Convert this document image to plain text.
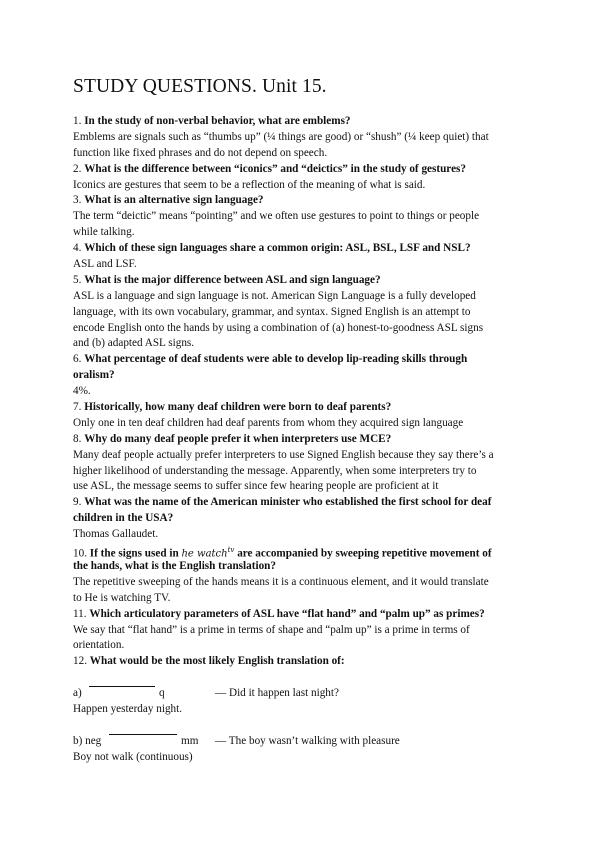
STUDY QUESTIONS. Unit 15.
1. In the study of non-verbal behavior, what are emblems?
Emblems are signals such as “thumbs up” (¼ things are good) or “shush” (¼ keep quiet) that
function like fixed phrases and do not depend on speech.
2. What is the difference between “iconics” and “deictics” in the study of gestures?
Iconics are gestures that seem to be a reflection of the meaning of what is said.
3. What is an alternative sign language?
The term “deictic” means “pointing” and we often use gestures to point to things or people
while talking.
4. Which of these sign languages share a common origin: ASL, BSL, LSF and NSL?
ASL and LSF.
5. What is the major difference between ASL and sign language?
ASL is a language and sign language is not. American Sign Language is a fully developed
language, with its own vocabulary, grammar, and syntax. Signed English is an attempt to
encode English onto the hands by using a combination of (a) honest-to-goodness ASL signs
and (b) adapted ASL signs.
6. What percentage of deaf students were able to develop lip-reading skills through
oralism?
4%.
7. Historically, how many deaf children were born to deaf parents?
Only one in ten deaf children had deaf parents from whom they acquired sign language
8. Why do many deaf people prefer it when interpreters use MCE?
Many deaf people actually prefer interpreters to use Signed English because they say there’s a
higher likelihood of understanding the message. Apparently, when some interpreters try to
use ASL, the message seems to suffer since few hearing people are proficient at it
9. What was the name of the American minister who established the first school for deaf
children in the USA?
Thomas Gallaudet.
10. If the signs used in he watch$^{tv}$ are accompanied by sweeping repetitive movement of
the hands, what is the English translation?
The repetitive sweeping of the hands means it is a continuous element, and it would translate
to He is watching TV.
11. Which articulatory parameters of ASL have “flat hand” and “palm up” as primes?
We say that “flat hand” is a prime in terms of shape and “palm up” is a prime in terms of
orientation.
12. What would be the most likely English translation of:
a)	q	— Did it happen last night?
Happen yesterday night.
b) neg	mm — The boy wasn’t walking with pleasure
Boy not walk (continuous)
